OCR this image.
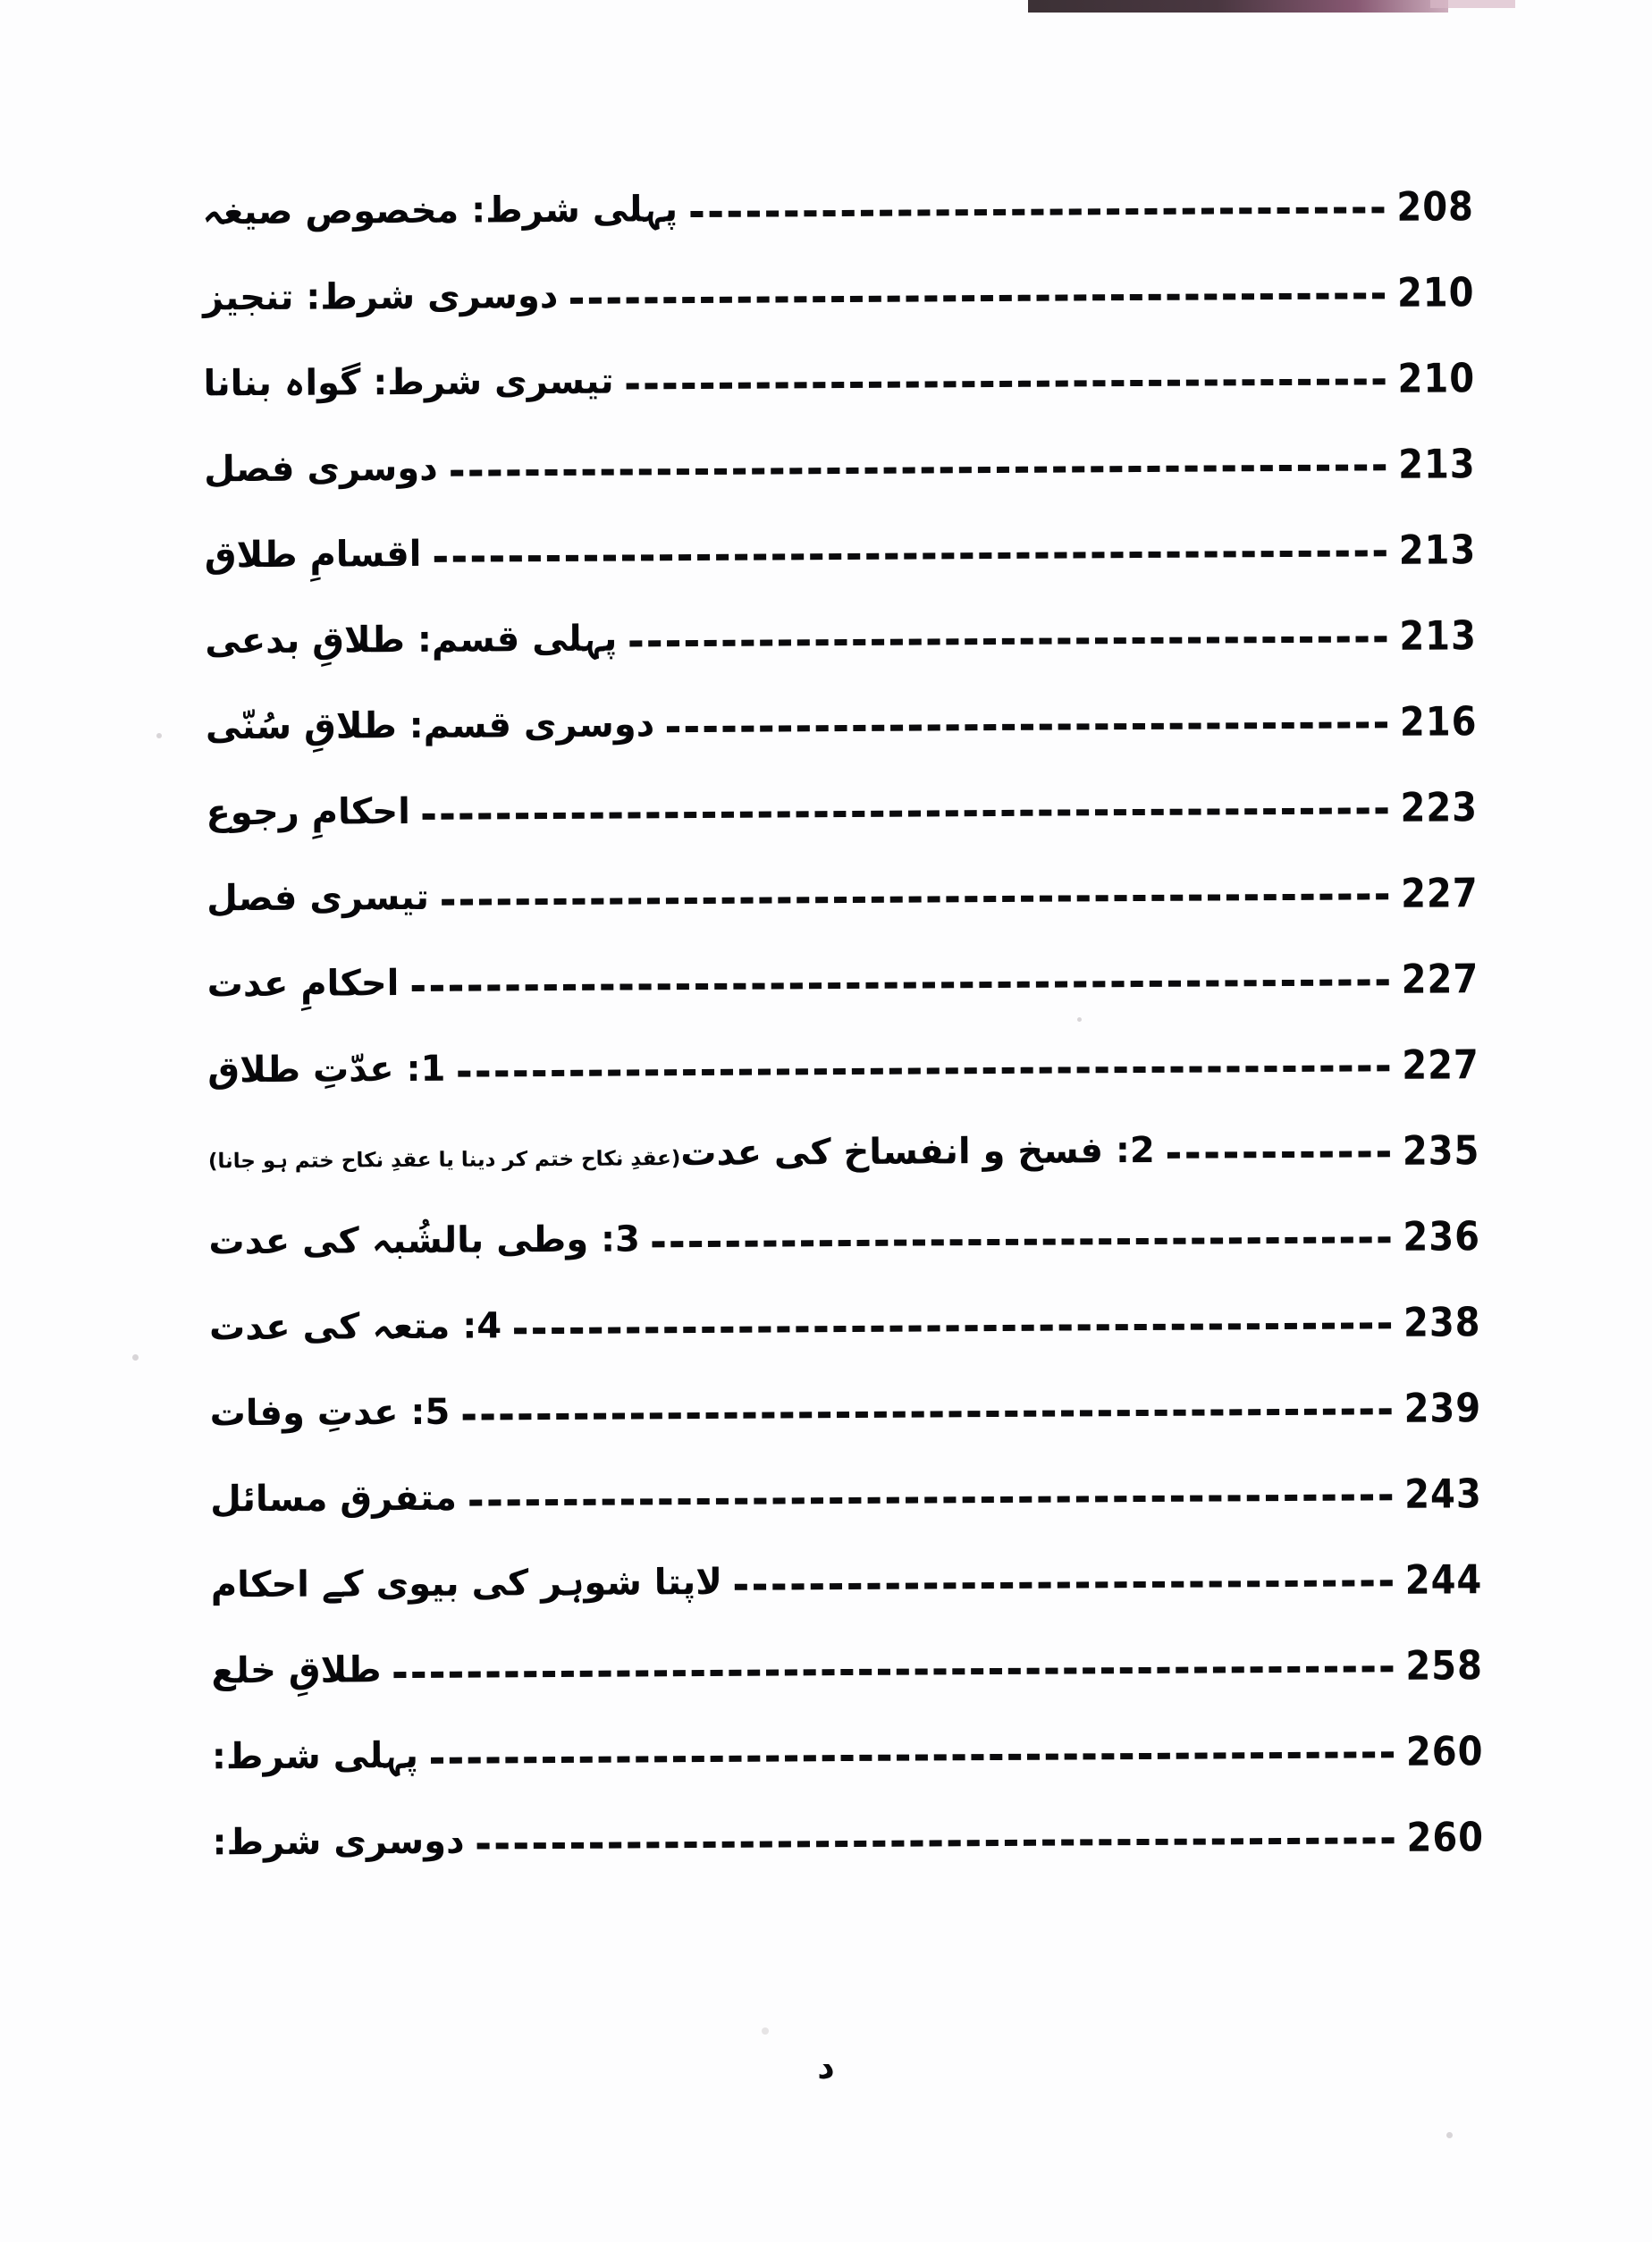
208
پہلی شرط: مخصوص صیغہ
210
دوسری شرط: تنجیز
210
تیسری شرط: گواہ بنانا
213
دوسری فصل
213
اقسامِ طلاق
213
پہلی قسم: طلاقِ بدعی
216
دوسری قسم: طلاقِ سُنّی
223
احکامِ رجوع
227
تیسری فصل
227
احکامِ عدت
227
1: عدّتِ طلاق
235
2: فسخ و انفساخ کی عدت(عقدِ نکاح ختم کر دینا یا عقدِ نکاح ختم ہو جانا)
236
3: وطی بالشُبہ کی عدت
238
4: متعہ کی عدت
239
5: عدتِ وفات
243
متفرق مسائل
244
لاپتا شوہر کی بیوی کے احکام
258
طلاقِ خلع
260
پہلی شرط:
260
دوسری شرط:
د
